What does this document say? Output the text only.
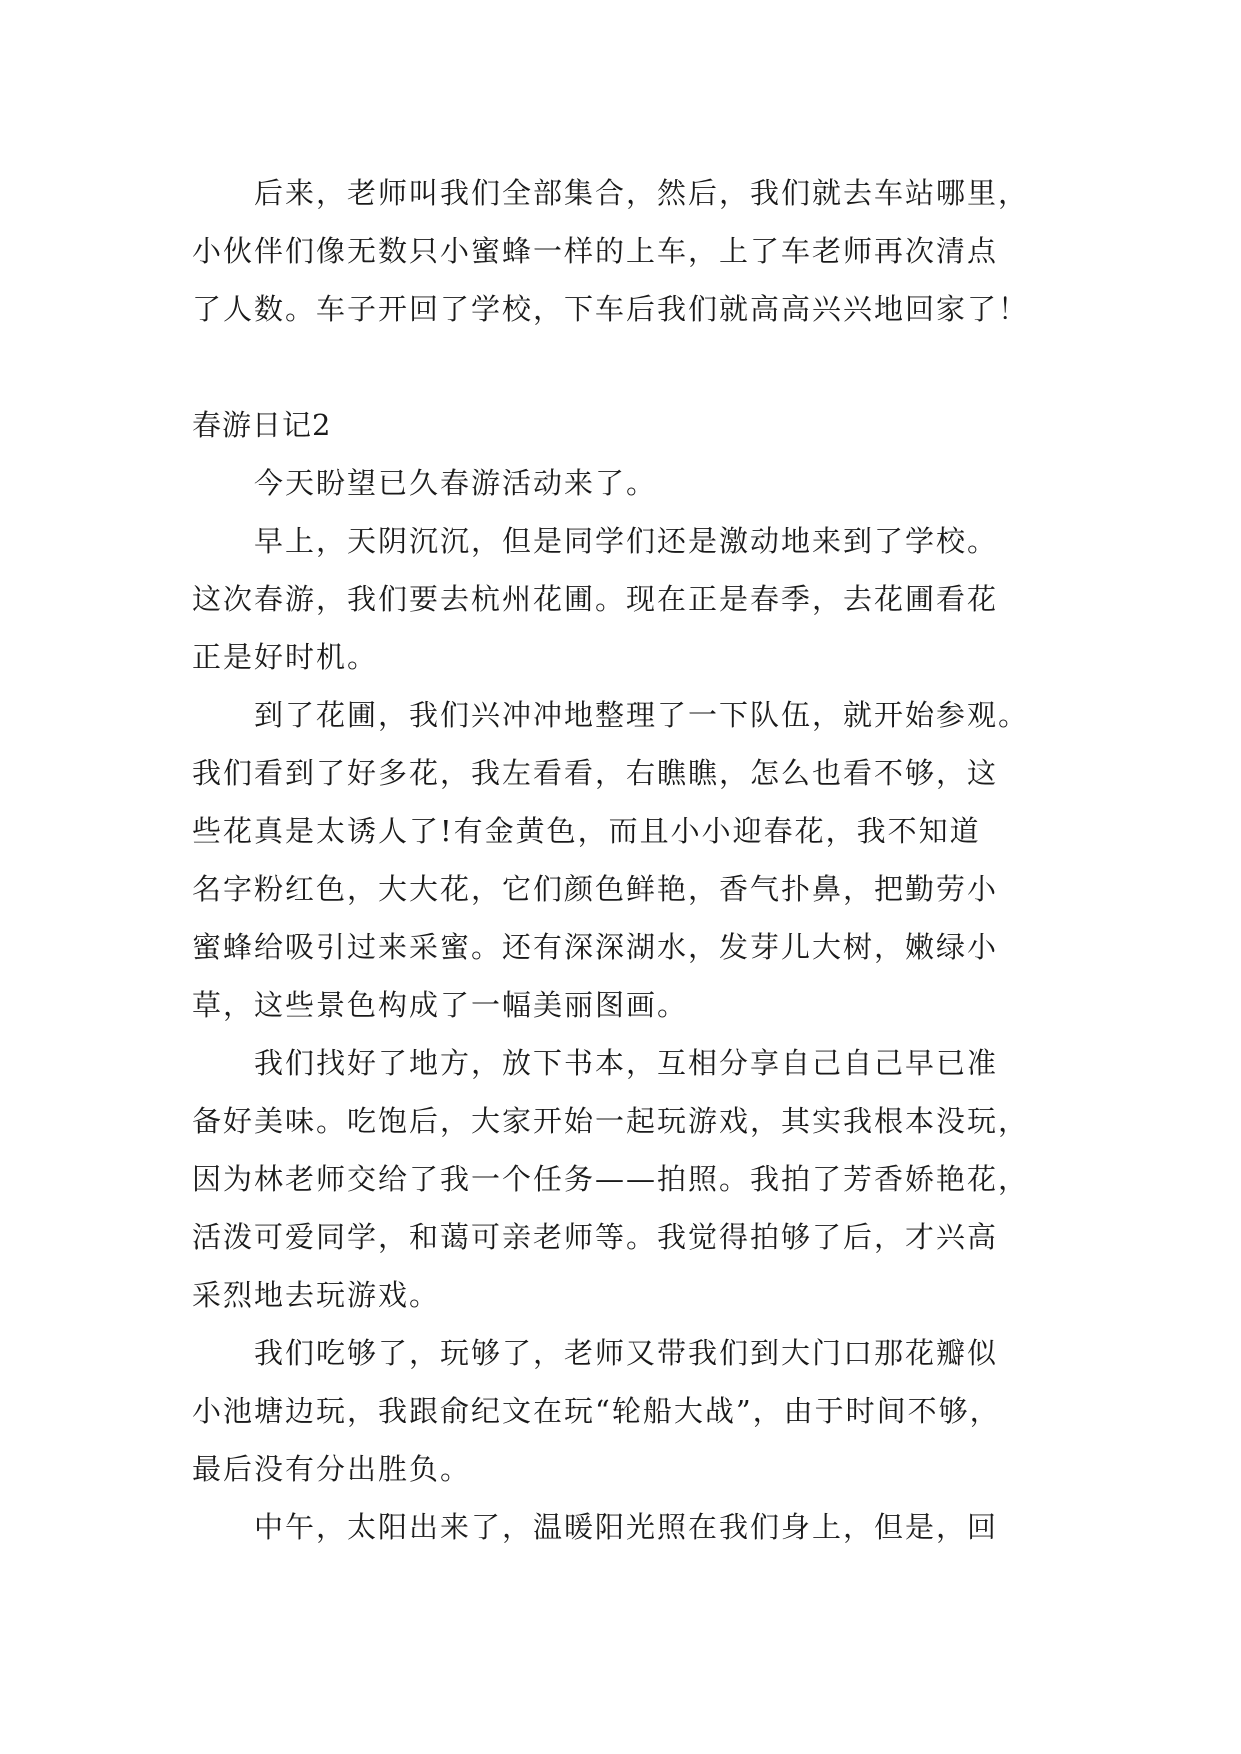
后来，老师叫我们全部集合，然后，我们就去车站哪里，
小伙伴们像无数只小蜜蜂一样的上车，上了车老师再次清点
了人数。车子开回了学校，下车后我们就高高兴兴地回家了！
春游日记2
今天盼望已久春游活动来了。
早上，天阴沉沉，但是同学们还是激动地来到了学校。
这次春游，我们要去杭州花圃。现在正是春季，去花圃看花
正是好时机。
到了花圃，我们兴冲冲地整理了一下队伍，就开始参观。
我们看到了好多花，我左看看，右瞧瞧，怎么也看不够，这
些花真是太诱人了!有金黄色，而且小小迎春花，我不知道
名字粉红色，大大花，它们颜色鲜艳，香气扑鼻，把勤劳小
蜜蜂给吸引过来采蜜。还有深深湖水，发芽儿大树，嫩绿小
草，这些景色构成了一幅美丽图画。
我们找好了地方，放下书本，互相分享自己自己早已准
备好美味。吃饱后，大家开始一起玩游戏，其实我根本没玩，
因为林老师交给了我一个任务——拍照。我拍了芳香娇艳花，
活泼可爱同学，和蔼可亲老师等。我觉得拍够了后，才兴高
采烈地去玩游戏。
我们吃够了，玩够了，老师又带我们到大门口那花瓣似
小池塘边玩，我跟俞纪文在玩“轮船大战”，由于时间不够，
最后没有分出胜负。
中午，太阳出来了，温暖阳光照在我们身上，但是，回
